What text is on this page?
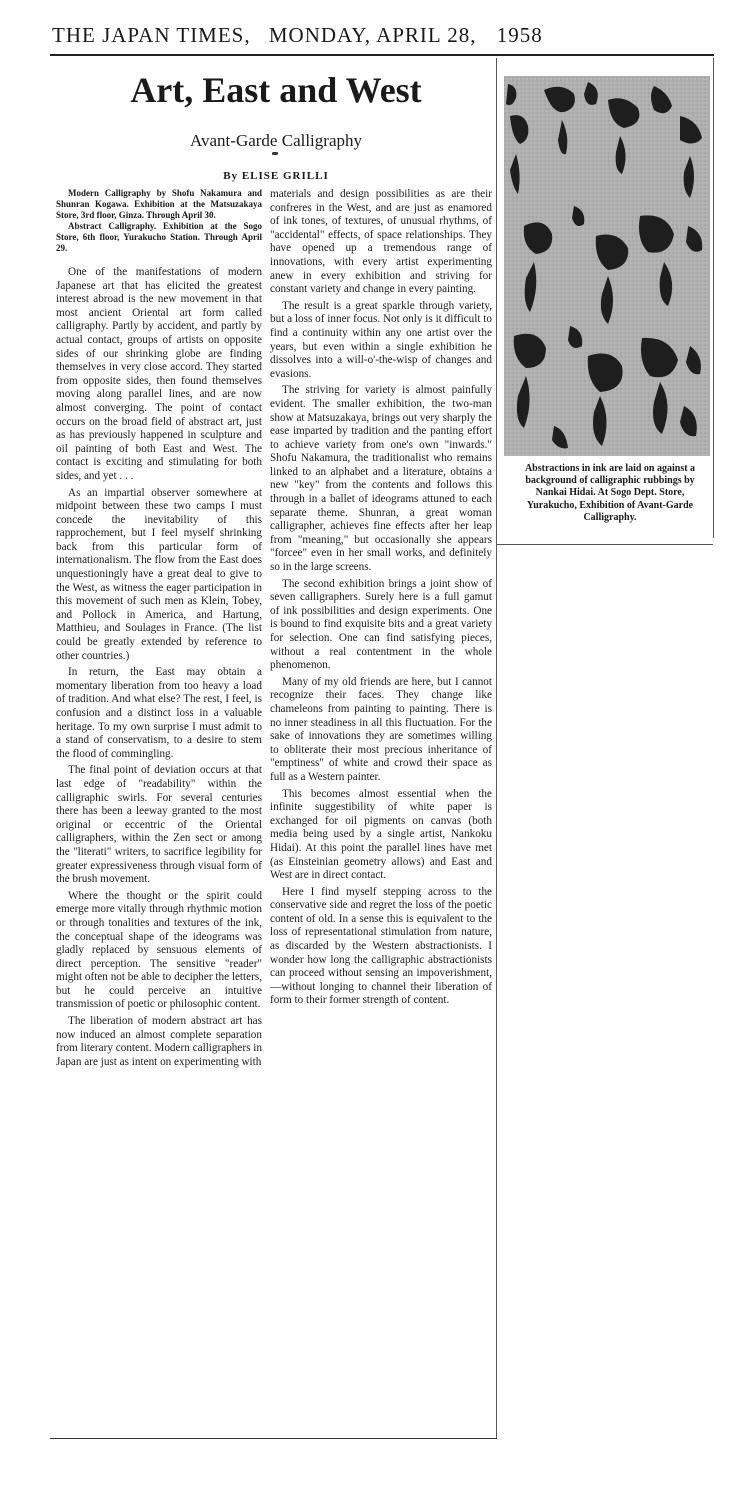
THE JAPAN TIMES, MONDAY, APRIL 28, 1958
Art, East and West
Avant-Garde Calligraphy
By ELISE GRILLI

Modern Calligraphy by Shofu Nakamura and Shunran Kogawa. Exhibition at the Matsuzakaya Store, 3rd floor, Ginza. Through April 30.

Abstract Calligraphy. Exhibition at the Sogo Store, 6th floor, Yurakucho Station. Through April 29.

One of the manifestations of modern Japanese art that has elicited the greatest interest abroad is the new movement in that most ancient Oriental art form called calligraphy. Partly by accident, and partly by actual contact, groups of artists on opposite sides of our shrinking globe are finding themselves in very close accord. They started from opposite sides, then found themselves moving along parallel lines, and are now almost converging. The point of contact occurs on the broad field of abstract art, just as has previously happened in sculpture and oil painting of both East and West. The contact is exciting and stimulating for both sides, and yet . . .

As an impartial observer somewhere at midpoint between these two camps I must concede the inevitability of this rapprochement, but I feel myself shrinking back from this particular form of internationalism. The flow from the East does unquestioningly have a great deal to give to the West, as witness the eager participation in this movement of such men as Klein, Tobey, and Pollock in America, and Hartung, Matthieu, and Soulages in France. (The list could be greatly extended by reference to other countries.)

In return, the East may obtain a momentary liberation from too heavy a load of tradition. And what else? The rest, I feel, is confusion and a distinct loss in a valuable heritage. To my own surprise I must admit to a stand of conservatism, to a desire to stem the flood of commingling.

The final point of deviation occurs at that last edge of "readability" within the calligraphic swirls. For several centuries there has been a leeway granted to the most original or eccentric of the Oriental calligraphers, within the Zen sect or among the "literati" writers, to sacrifice legibility for greater expressiveness through visual form of the brush movement.

Where the thought or the spirit could emerge more vitally through rhythmic motion or through tonalities and textures of the ink, the conceptual shape of the ideograms was gladly replaced by sensuous elements of direct perception. The sensitive "reader" might often not be able to decipher the letters, but he could perceive an intuitive transmission of poetic or philosophic content.

The liberation of modern abstract art has now induced an almost complete separation from literary content. Modern calligraphers in Japan are just as intent on experimenting with

materials and design possibilities as are their confreres in the West, and are just as enamored of ink tones, of textures, of unusual rhythms, of "accidental" effects, of space relationships. They have opened up a tremendous range of innovations, with every artist experimenting anew in every exhibition and striving for constant variety and change in every painting.

The result is a great sparkle through variety, but a loss of inner focus. Not only is it difficult to find a continuity within any one artist over the years, but even within a single exhibition he dissolves into a will-o'-the-wisp of changes and evasions.

The striving for variety is almost painfully evident. The smaller exhibition, the two-man show at Matsuzakaya, brings out very sharply the ease imparted by tradition and the panting effort to achieve variety from one's own "inwards." Shofu Nakamura, the traditionalist who remains linked to an alphabet and a literature, obtains a new "key" from the contents and follows this through in a ballet of ideograms attuned to each separate theme. Shunran, a great woman calligrapher, achieves fine effects after her leap from "meaning," but occasionally she appears "forcee" even in her small works, and definitely so in the large screens.

The second exhibition brings a joint show of seven calligraphers. Surely here is a full gamut of ink possibilities and design experiments. One is bound to find exquisite bits and a great variety for selection. One can find satisfying pieces, without a real contentment in the whole phenomenon.

Many of my old friends are here, but I cannot recognize their faces. They change like chameleons from painting to painting. There is no inner steadiness in all this fluctuation. For the sake of innovations they are sometimes willing to obliterate their most precious inheritance of "emptiness" of white and crowd their space as full as a Western painter.

This becomes almost essential when the infinite suggestibility of white paper is exchanged for oil pigments on canvas (both media being used by a single artist, Nankoku Hidai). At this point the parallel lines have met (as Einsteinian geometry allows) and East and West are in direct contact.

Here I find myself stepping across to the conservative side and regret the loss of the poetic content of old. In a sense this is equivalent to the loss of representational stimulation from nature, as discarded by the Western abstractionists. I wonder how long the calligraphic abstractionists can proceed without sensing an impoverishment, —without longing to channel their liberation of form to their former strength of content.

Abstractions in ink are laid on against a background of calligraphic rubbings by Nankai Hidai. At Sogo Dept. Store, Yurakucho, Exhibition of Avant-Garde Calligraphy.
